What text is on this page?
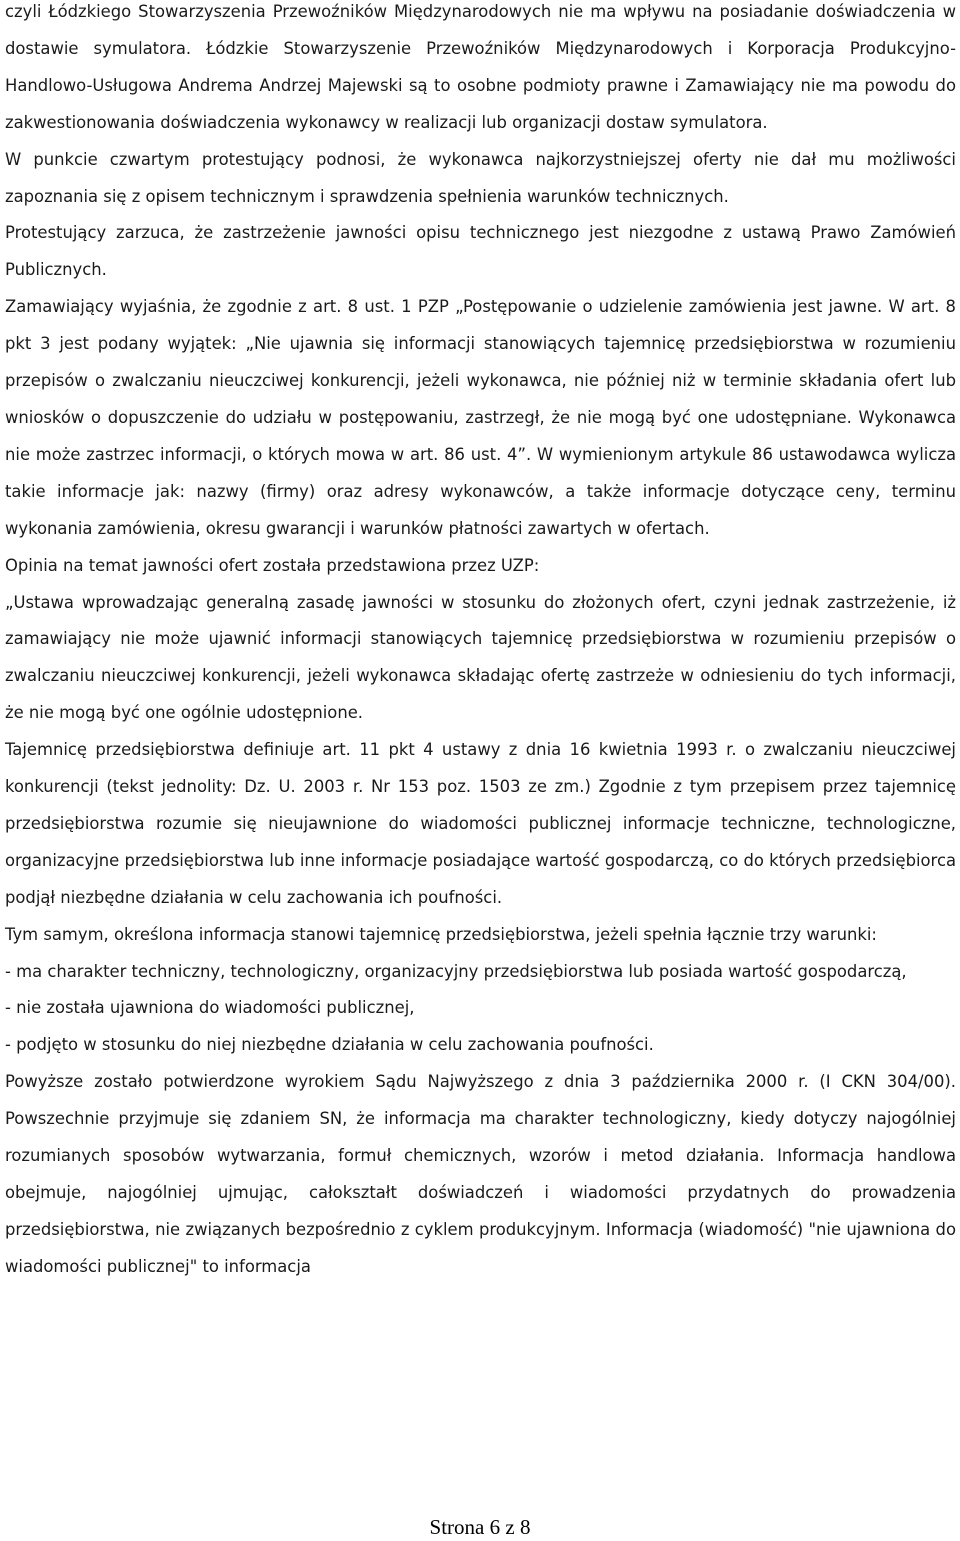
czyli Łódzkiego Stowarzyszenia Przewoźników Międzynarodowych nie ma wpływu na posiadanie doświadczenia w dostawie symulatora. Łódzkie Stowarzyszenie Przewoźników Międzynarodowych i Korporacja Produkcyjno-Handlowo-Usługowa Andrema Andrzej Majewski są to osobne podmioty prawne i Zamawiający nie ma powodu do zakwestionowania doświadczenia wykonawcy w realizacji lub organizacji dostaw symulatora.

W punkcie czwartym protestujący podnosi, że wykonawca najkorzystniejszej oferty nie dał mu możliwości zapoznania się z opisem technicznym i sprawdzenia spełnienia warunków technicznych.

Protestujący zarzuca, że zastrzeżenie jawności opisu technicznego jest niezgodne z ustawą Prawo Zamówień Publicznych.

Zamawiający wyjaśnia, że zgodnie z art. 8 ust. 1 PZP „Postępowanie o udzielenie zamówienia jest jawne. W art. 8 pkt 3 jest podany wyjątek: „Nie ujawnia się informacji stanowiących tajemnicę przedsiębiorstwa w rozumieniu przepisów o zwalczaniu nieuczciwej konkurencji, jeżeli wykonawca, nie później niż w terminie składania ofert lub wniosków o dopuszczenie do udziału w postępowaniu, zastrzegł, że nie mogą być one udostępniane. Wykonawca nie może zastrzec informacji, o których mowa w art. 86 ust. 4”. W wymienionym artykule 86 ustawodawca wylicza takie informacje jak: nazwy (firmy) oraz adresy wykonawców, a także informacje dotyczące ceny, terminu wykonania zamówienia, okresu gwarancji i warunków płatności zawartych w ofertach.

Opinia na temat jawności ofert została przedstawiona przez UZP:

„Ustawa wprowadzając generalną zasadę jawności w stosunku do złożonych ofert, czyni jednak zastrzeżenie, iż zamawiający nie może ujawnić informacji stanowiących tajemnicę przedsiębiorstwa w rozumieniu przepisów o zwalczaniu nieuczciwej konkurencji, jeżeli wykonawca składając ofertę zastrzeże w odniesieniu do tych informacji, że nie mogą być one ogólnie udostępnione.

Tajemnicę przedsiębiorstwa definiuje art. 11 pkt 4 ustawy z dnia 16 kwietnia 1993 r. o zwalczaniu nieuczciwej konkurencji (tekst jednolity: Dz. U. 2003 r. Nr 153 poz. 1503 ze zm.) Zgodnie z tym przepisem przez tajemnicę przedsiębiorstwa rozumie się nieujawnione do wiadomości publicznej informacje techniczne, technologiczne, organizacyjne przedsiębiorstwa lub inne informacje posiadające wartość gospodarczą, co do których przedsiębiorca podjął niezbędne działania w celu zachowania ich poufności.

Tym samym, określona informacja stanowi tajemnicę przedsiębiorstwa, jeżeli spełnia łącznie trzy warunki:

- ma charakter techniczny, technologiczny, organizacyjny przedsiębiorstwa lub posiada wartość gospodarczą,

- nie została ujawniona do wiadomości publicznej,

- podjęto w stosunku do niej niezbędne działania w celu zachowania poufności.

Powyższe zostało potwierdzone wyrokiem Sądu Najwyższego z dnia 3 października 2000 r. (I CKN 304/00). Powszechnie przyjmuje się zdaniem SN, że informacja ma charakter technologiczny, kiedy dotyczy najogólniej rozumianych sposobów wytwarzania, formuł chemicznych, wzorów i metod działania. Informacja handlowa obejmuje, najogólniej ujmując, całokształt doświadczeń i wiadomości przydatnych do prowadzenia przedsiębiorstwa, nie związanych bezpośrednio z cyklem produkcyjnym. Informacja (wiadomość) "nie ujawniona do wiadomości publicznej" to informacja

Strona 6 z 8
